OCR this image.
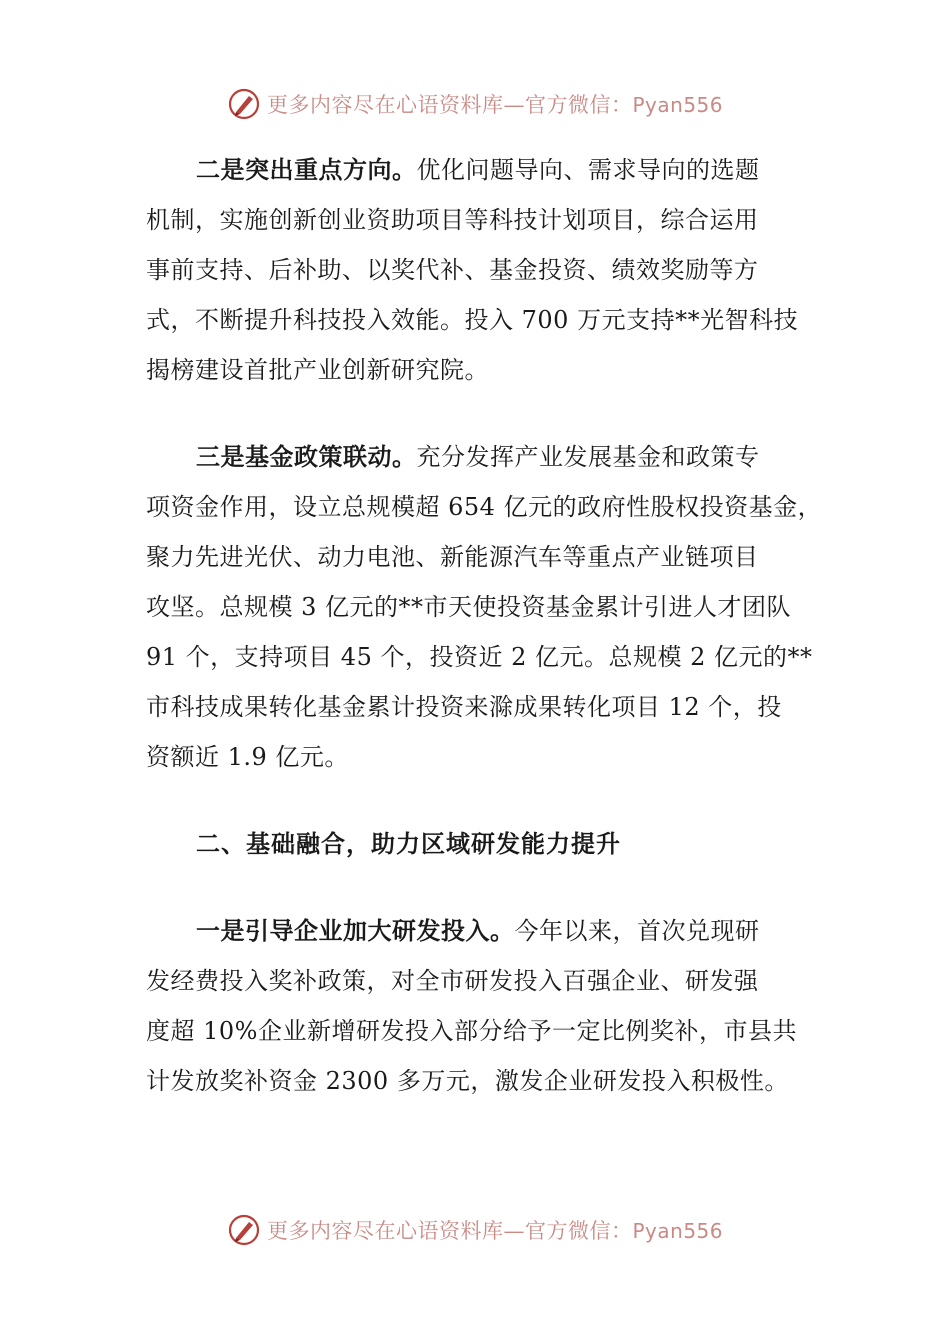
更多内容尽在心语资料库—官方微信：Pyan556

二是突出重点方向。优化问题导向、需求导向的选题
机制，实施创新创业资助项目等科技计划项目，综合运用
事前支持、后补助、以奖代补、基金投资、绩效奖励等方
式，不断提升科技投入效能。投入 700 万元支持**光智科技
揭榜建设首批产业创新研究院。

三是基金政策联动。充分发挥产业发展基金和政策专
项资金作用，设立总规模超 654 亿元的政府性股权投资基金，
聚力先进光伏、动力电池、新能源汽车等重点产业链项目
攻坚。总规模 3 亿元的**市天使投资基金累计引进人才团队
91 个，支持项目 45 个，投资近 2 亿元。总规模 2 亿元的**
市科技成果转化基金累计投资来滁成果转化项目 12 个，投
资额近 1.9 亿元。

二、基础融合，助力区域研发能力提升

一是引导企业加大研发投入。今年以来，首次兑现研
发经费投入奖补政策，对全市研发投入百强企业、研发强
度超 10%企业新增研发投入部分给予一定比例奖补，市县共
计发放奖补资金 2300 多万元，激发企业研发投入积极性。

更多内容尽在心语资料库—官方微信：Pyan556
